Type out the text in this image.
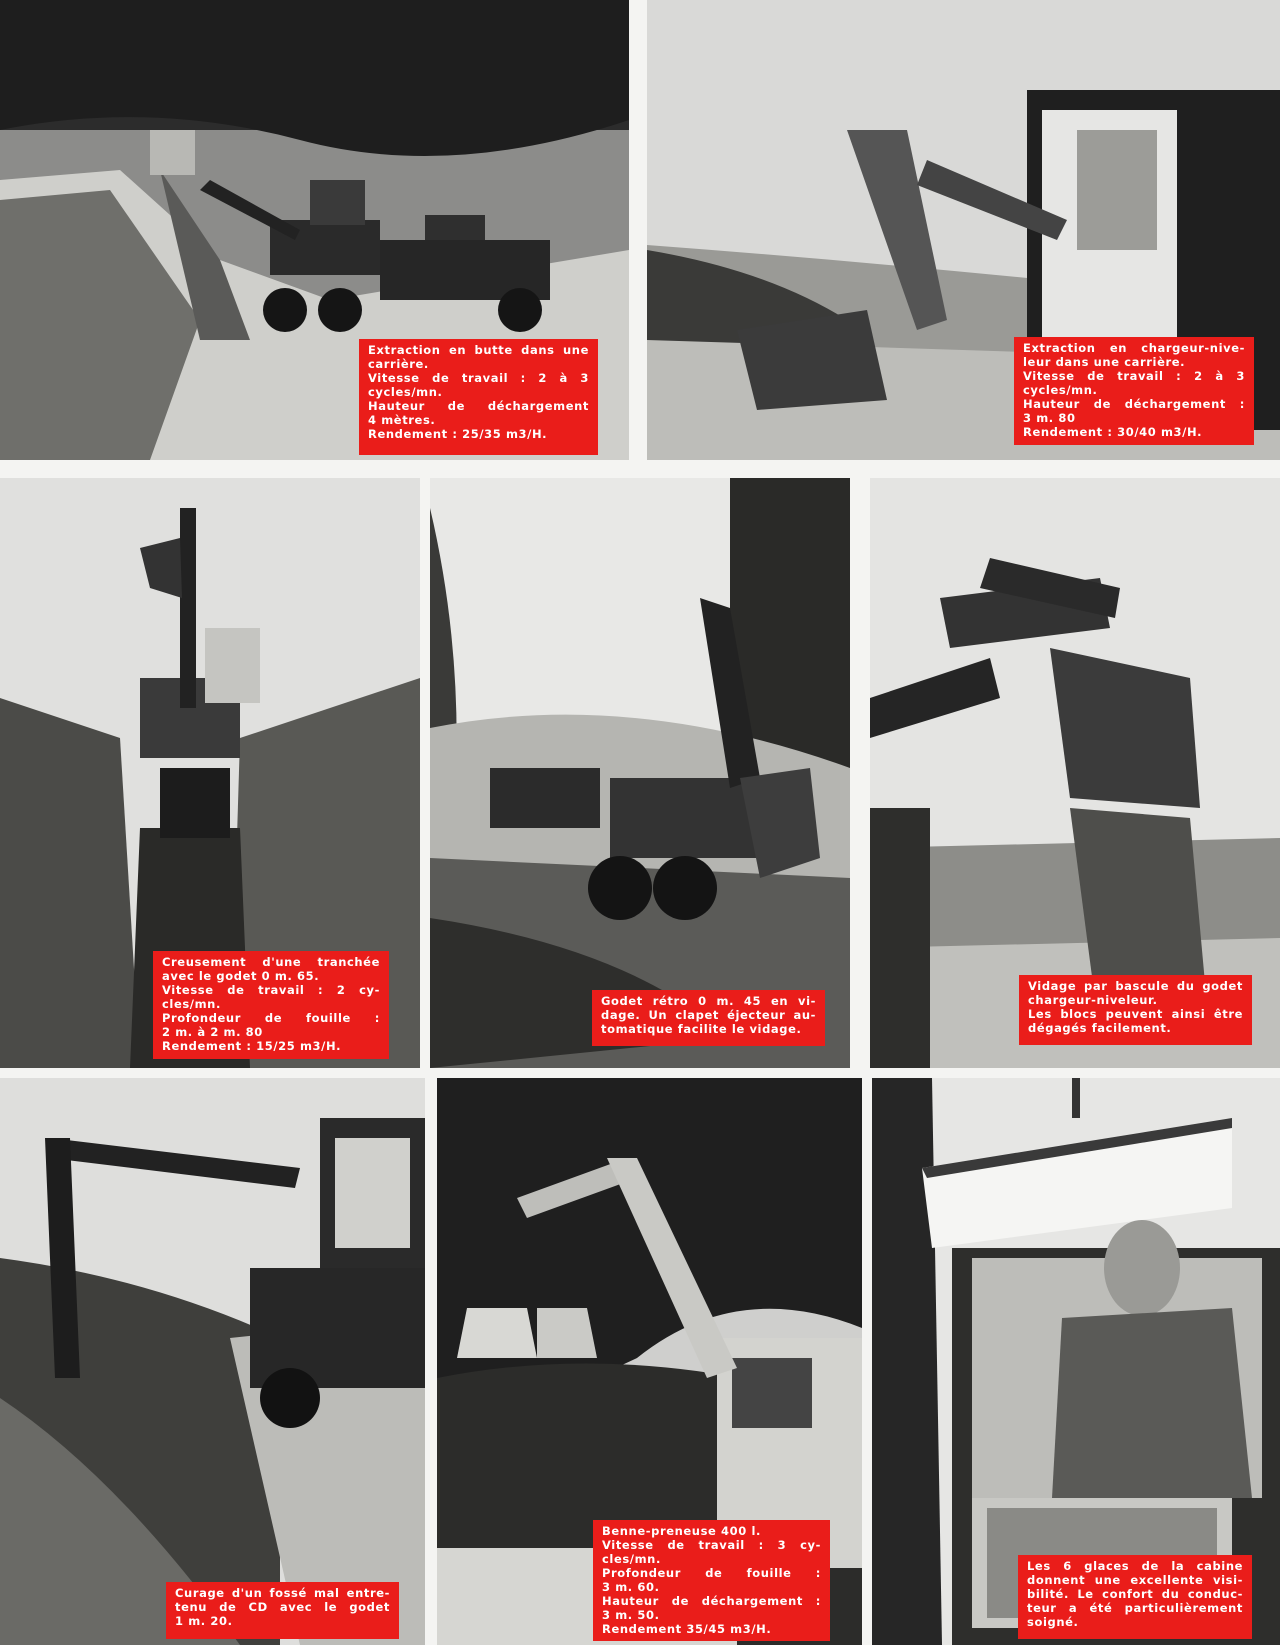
Extraction en butte dans une
carrière.
Vitesse de travail : 2 à 3
cycles/mn.
Hauteur de déchargement
4 mètres.
Rendement : 25/35 m3/H.
Extraction en chargeur-nive-
leur dans une carrière.
Vitesse de travail : 2 à 3
cycles/mn.
Hauteur de déchargement :
3 m. 80
Rendement : 30/40 m3/H.
Creusement d'une tranchée
avec le godet 0 m. 65.
Vitesse de travail : 2 cy-
cles/mn.
Profondeur de fouille :
2 m. à 2 m. 80
Rendement : 15/25 m3/H.
Godet rétro 0 m. 45 en vi-
dage. Un clapet éjecteur au-
tomatique facilite le vidage.
Vidage par bascule du godet
chargeur-niveleur.
Les blocs peuvent ainsi être
dégagés facilement.
Curage d'un fossé mal entre-
tenu de CD avec le godet
1 m. 20.
Benne-preneuse 400 l.
Vitesse de travail : 3 cy-
cles/mn.
Profondeur de fouille :
3 m. 60.
Hauteur de déchargement :
3 m. 50.
Rendement 35/45 m3/H.
Les 6 glaces de la cabine
donnent une excellente visi-
bilité. Le confort du conduc-
teur a été particulièrement
soigné.
